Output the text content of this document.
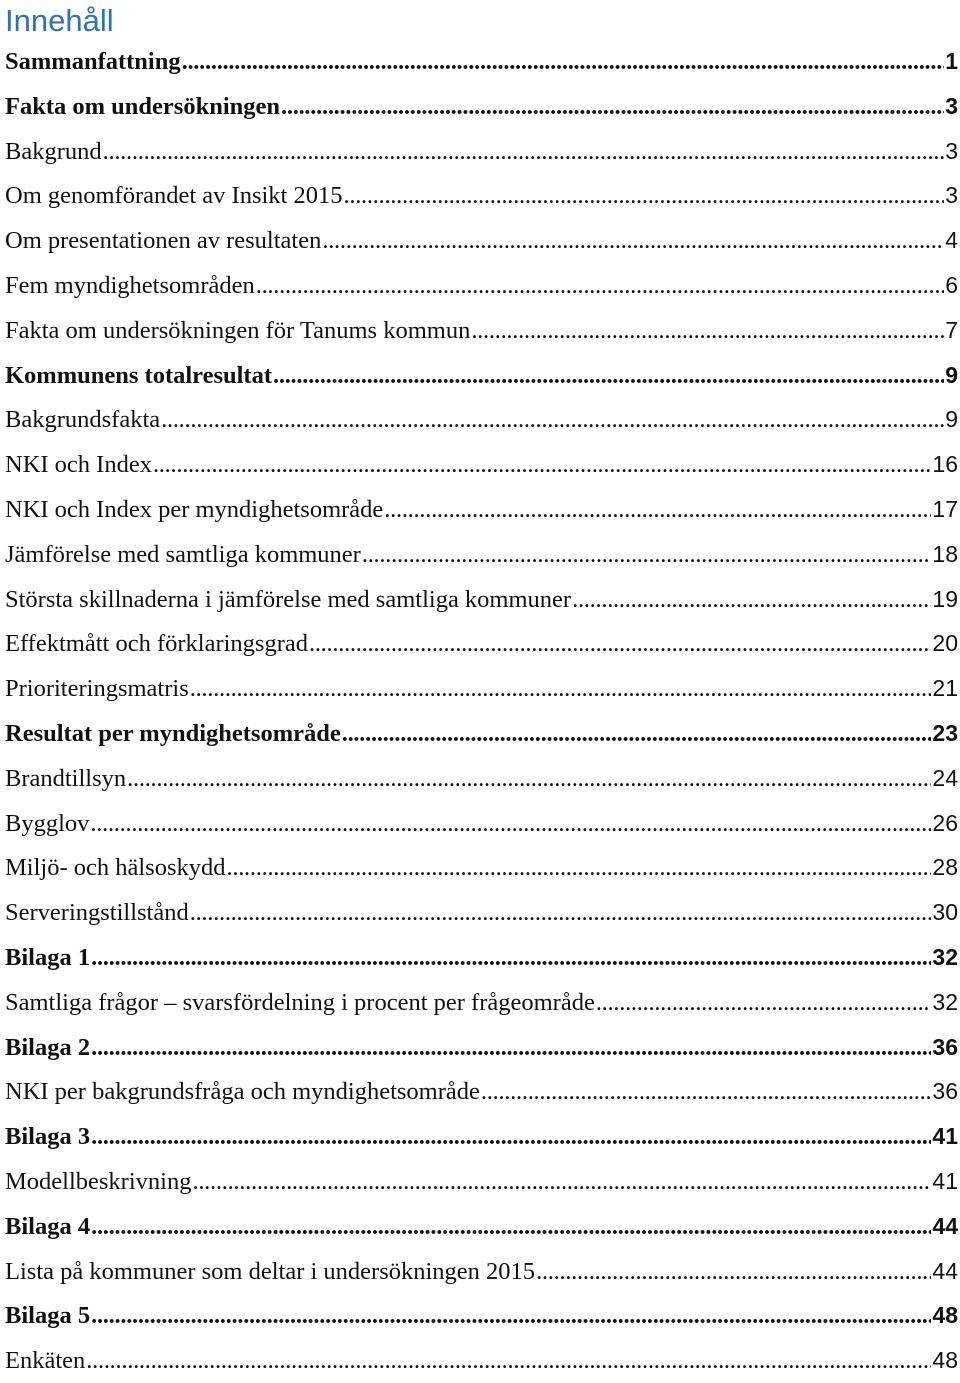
Innehåll
Sammanfattning . . .	1
Fakta om undersökningen . . .	3
Bakgrund . . .	3
Om genomförandet av Insikt 2015 . . .	3
Om presentationen av resultaten . . .	4
Fem myndighetsområden . . .	6
Fakta om undersökningen för Tanums kommun . . .	7
Kommunens totalresultat . . .	9
Bakgrundsfakta . . .	9
NKI och Index . . .	16
NKI och Index per myndighetsområde . . .	17
Jämförelse med samtliga kommuner . . .	18
Största skillnaderna i jämförelse med samtliga kommuner . . .	19
Effektmått och förklaringsgrad . . .	20
Prioriteringsmatris . . .	21
Resultat per myndighetsområde . . .	23
Brandtillsyn . . .	24
Bygglov . . .	26
Miljö- och hälsoskydd . . .	28
Serveringstillstånd . . .	30
Bilaga 1 . . .	32
Samtliga frågor – svarsfördelning i procent per frågeområde . . .	32
Bilaga 2 . . .	36
NKI per bakgrundsfråga och myndighetsområde . . .	36
Bilaga 3 . . .	41
Modellbeskrivning . . .	41
Bilaga 4 . . .	44
Lista på kommuner som deltar i undersökningen 2015 . . .	44
Bilaga 5 . . .	48
Enkäten . . .	48
